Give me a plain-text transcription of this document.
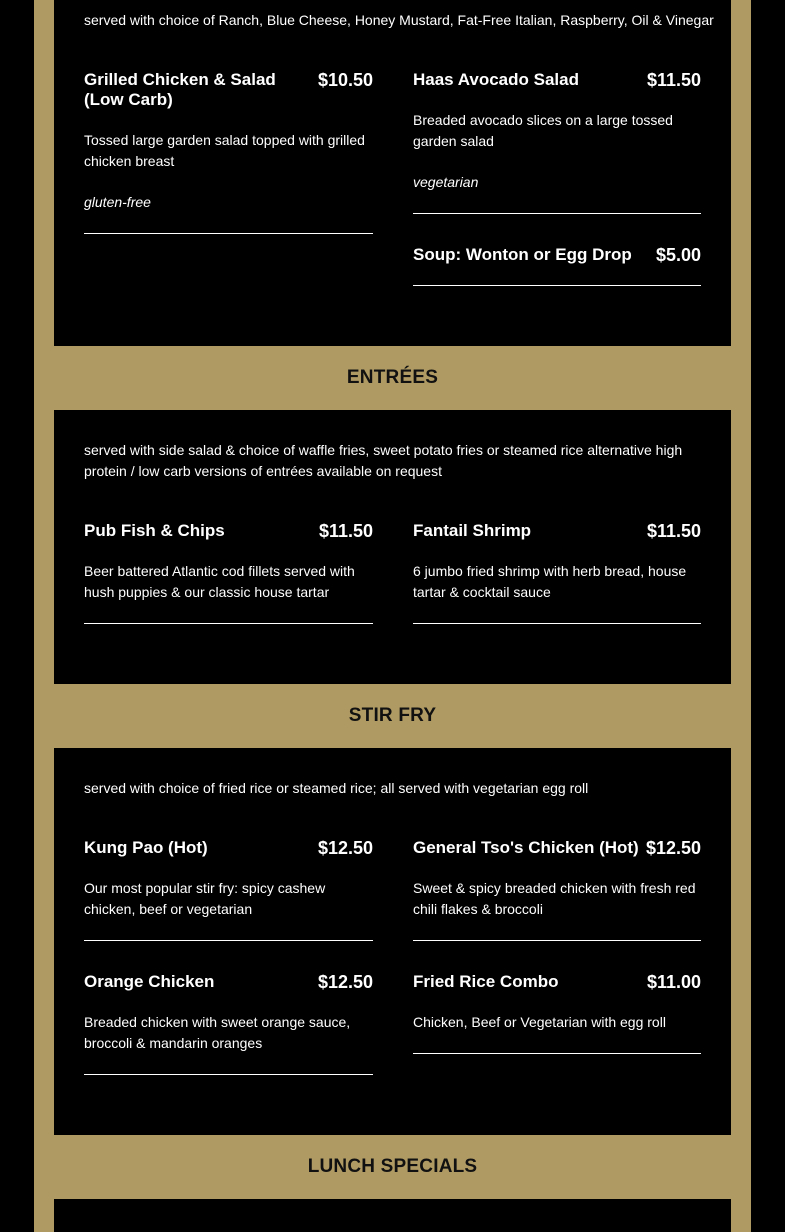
served with choice of Ranch, Blue Cheese, Honey Mustard, Fat-Free Italian, Raspberry, Oil & Vinegar
Grilled Chicken & Salad (Low Carb)
$10.50
Tossed large garden salad topped with grilled chicken breast
gluten-free
Haas Avocado Salad	$11.50
Breaded avocado slices on a large tossed garden salad
vegetarian
Soup: Wonton or Egg Drop $5.00
ENTRÉES
served with side salad & choice of waffle fries, sweet potato fries or steamed rice alternative high protein / low carb versions of entrées available on request
Pub Fish & Chips	$11.50
Beer battered Atlantic cod fillets served with hush puppies & our classic house tartar
Fantail Shrimp	$11.50
6 jumbo fried shrimp with herb bread, house tartar & cocktail sauce
STIR FRY
served with choice of fried rice or steamed rice; all served with vegetarian egg roll
Kung Pao (Hot)	$12.50
Our most popular stir fry: spicy cashew chicken, beef or vegetarian
General Tso's Chicken (Hot) $12.50
Sweet & spicy breaded chicken with fresh red chili flakes & broccoli
Orange Chicken	$12.50
Breaded chicken with sweet orange sauce, broccoli & mandarin oranges
Fried Rice Combo	$11.00
Chicken, Beef or Vegetarian with egg roll
LUNCH SPECIALS
